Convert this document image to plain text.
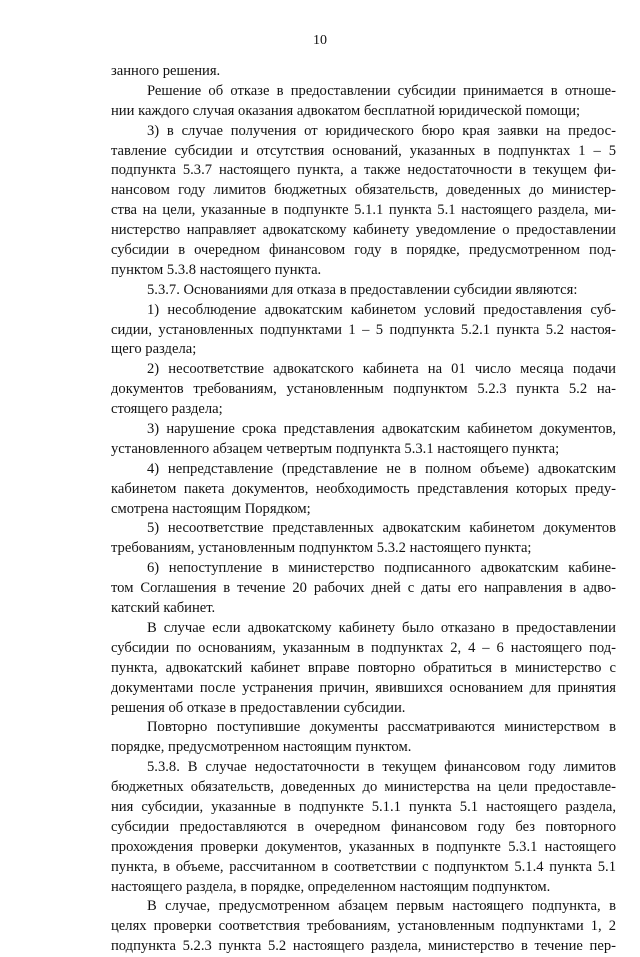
10
занного решения.
Решение об отказе в предоставлении субсидии принимается в отноше-
нии каждого случая оказания адвокатом бесплатной юридической помощи;
3) в случае получения от юридического бюро края заявки на предос-
тавление субсидии и отсутствия оснований, указанных в подпунктах 1 – 5
подпункта 5.3.7 настоящего пункта, а также недостаточности в текущем фи-
нансовом году лимитов бюджетных обязательств, доведенных до министер-
ства на цели, указанные в подпункте 5.1.1 пункта 5.1 настоящего раздела, ми-
нистерство направляет адвокатскому кабинету уведомление о предоставлении
субсидии в очередном финансовом году в порядке, предусмотренном под-
пунктом 5.3.8 настоящего пункта.
5.3.7. Основаниями для отказа в предоставлении субсидии являются:
1) несоблюдение адвокатским кабинетом условий предоставления суб-
сидии, установленных подпунктами 1 – 5 подпункта 5.2.1 пункта 5.2 настоя-
щего раздела;
2) несоответствие адвокатского кабинета на 01 число месяца подачи
документов требованиям, установленным подпунктом 5.2.3 пункта 5.2 на-
стоящего раздела;
3) нарушение срока представления адвокатским кабинетом документов,
установленного абзацем четвертым подпункта 5.3.1 настоящего пункта;
4) непредставление (представление не в полном объеме) адвокатским
кабинетом пакета документов, необходимость представления которых преду-
смотрена настоящим Порядком;
5) несоответствие представленных адвокатским кабинетом документов
требованиям, установленным подпунктом 5.3.2 настоящего пункта;
6) непоступление в министерство подписанного адвокатским кабине-
том Соглашения в течение 20 рабочих дней с даты его направления в адво-
катский кабинет.
В случае если адвокатскому кабинету было отказано в предоставлении
субсидии по основаниям, указанным в подпунктах 2, 4 – 6 настоящего под-
пункта, адвокатский кабинет вправе повторно обратиться в министерство с
документами после устранения причин, явившихся основанием для принятия
решения об отказе в предоставлении субсидии.
Повторно поступившие документы рассматриваются министерством в
порядке, предусмотренном настоящим пунктом.
5.3.8. В случае недостаточности в текущем финансовом году лимитов
бюджетных обязательств, доведенных до министерства на цели предоставле-
ния субсидии, указанные в подпункте 5.1.1 пункта 5.1 настоящего раздела,
субсидии предоставляются в очередном финансовом году без повторного
прохождения проверки документов, указанных в подпункте 5.3.1 настоящего
пункта, в объеме, рассчитанном в соответствии с подпунктом 5.1.4 пункта 5.1
настоящего раздела, в порядке, определенном настоящим подпунктом.
В случае, предусмотренном абзацем первым настоящего подпункта, в
целях проверки соответствия требованиям, установленным подпунктами 1, 2
подпункта 5.2.3 пункта 5.2 настоящего раздела, министерство в течение пер-
